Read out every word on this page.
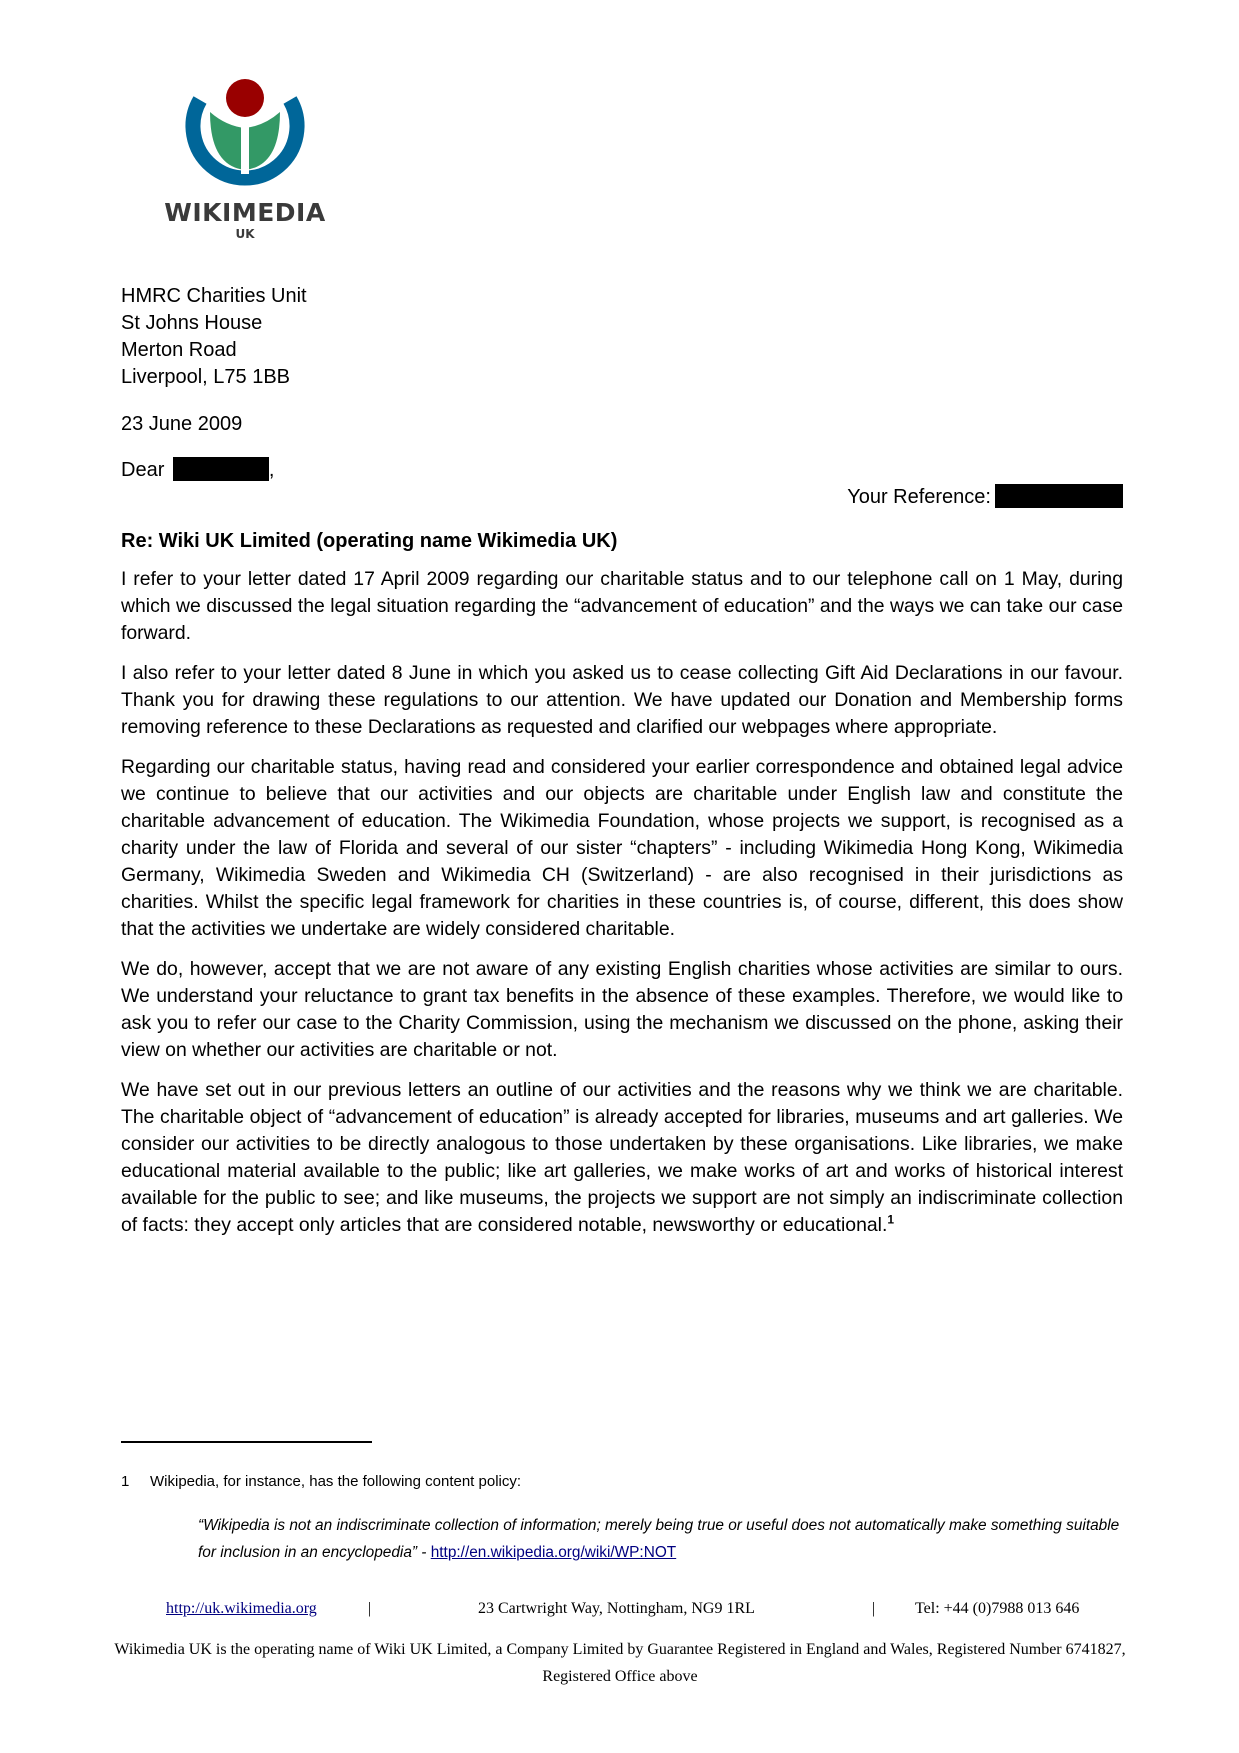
WIKIMEDIA
UK
HMRC Charities Unit
St Johns House
Merton Road
Liverpool, L75 1BB
23 June 2009
Dear	,
Your Reference:
Re: Wiki UK Limited (operating name Wikimedia UK)

I refer to your letter dated 17 April 2009 regarding our charitable status and to our telephone call on 1 May, during which we discussed the legal situation regarding the “advancement of education” and the ways we can take our case forward.

I also refer to your letter dated 8 June in which you asked us to cease collecting Gift Aid Declarations in our favour. Thank you for drawing these regulations to our attention. We have updated our Donation and Membership forms removing reference to these Declarations as requested and clarified our webpages where appropriate.

Regarding our charitable status, having read and considered your earlier correspondence and obtained legal advice we continue to believe that our activities and our objects are charitable under English law and constitute the charitable advancement of education. The Wikimedia Foundation, whose projects we support, is recognised as a charity under the law of Florida and several of our sister “chapters” - including Wikimedia Hong Kong, Wikimedia Germany, Wikimedia Sweden and Wikimedia CH (Switzerland) - are also recognised in their jurisdictions as charities. Whilst the specific legal framework for charities in these countries is, of course, different, this does show that the activities we undertake are widely considered charitable.

We do, however, accept that we are not aware of any existing English charities whose activities are similar to ours. We understand your reluctance to grant tax benefits in the absence of these examples. Therefore, we would like to ask you to refer our case to the Charity Commission, using the mechanism we discussed on the phone, asking their view on whether our activities are charitable or not.

We have set out in our previous letters an outline of our activities and the reasons why we think we are charitable. The charitable object of “advancement of education” is already accepted for libraries, museums and art galleries. We consider our activities to be directly analogous to those undertaken by these organisations. Like libraries, we make educational material available to the public; like art galleries, we make works of art and works of historical interest available for the public to see; and like museums, the projects we support are not simply an indiscriminate collection of facts: they accept only articles that are considered notable, newsworthy or educational.$^1$

1 Wikipedia, for instance, has the following content policy:
“Wikipedia is not an indiscriminate collection of information; merely being true or useful does not automatically make something suitable for inclusion in an encyclopedia” - http://en.wikipedia.org/wiki/WP:NOT
http://uk.wikimedia.org	|	23 Cartwright Way, Nottingham, NG9 1RL	| Tel: +44 (0)7988 013 646
Wikimedia UK is the operating name of Wiki UK Limited, a Company Limited by Guarantee Registered in England and Wales, Registered Number 6741827, Registered Office above
